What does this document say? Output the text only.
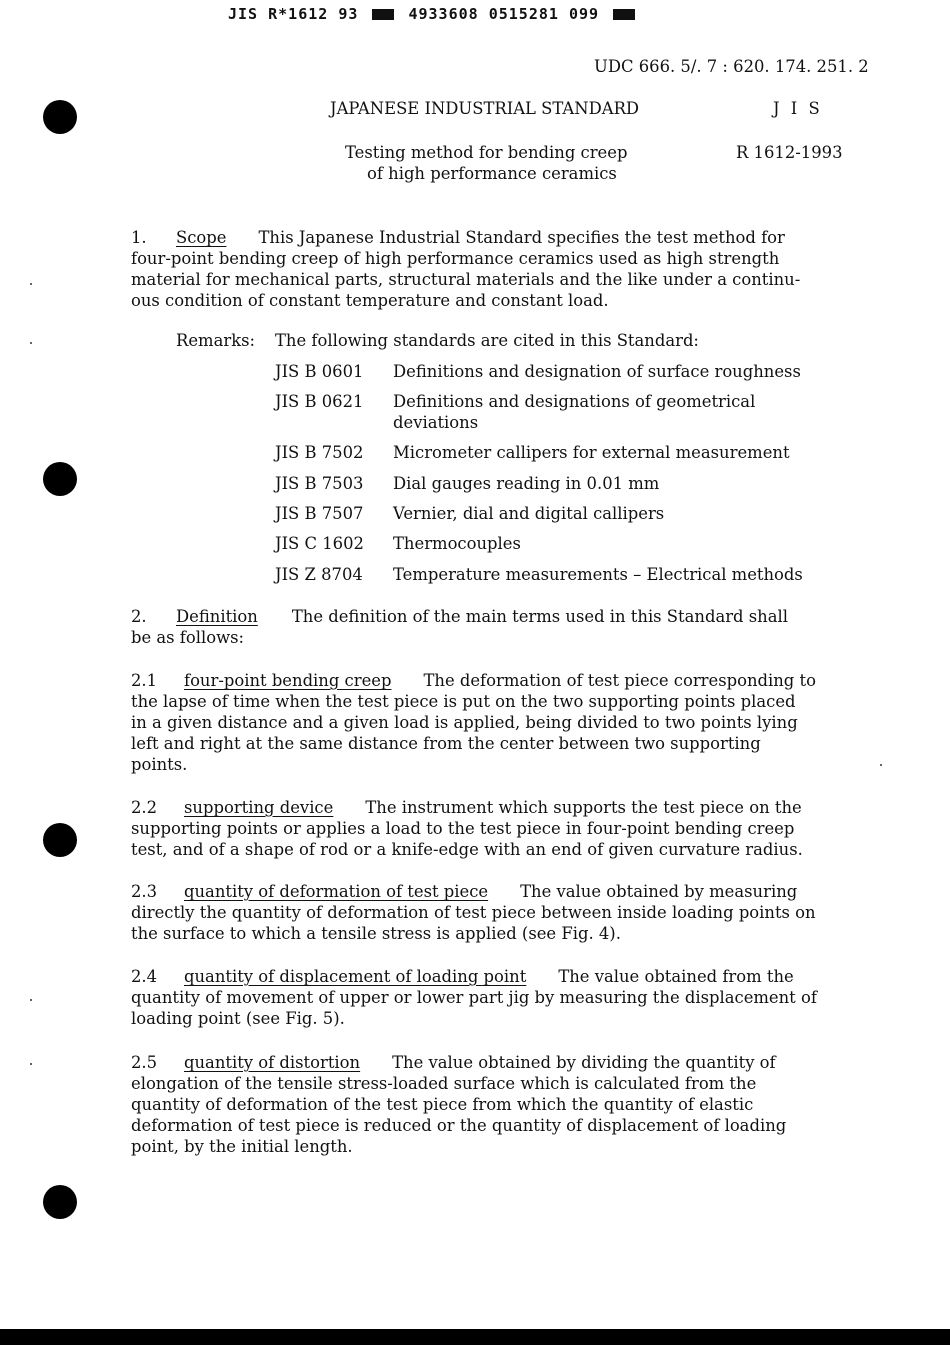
JIS R*1612 93	4933608 0515281 099
UDC 666. 5/. 7 : 620. 174. 251. 2
JAPANESE INDUSTRIAL STANDARD	J I S
Testing method for bending creep
of high performance ceramics
R 1612-1993
1. Scope This Japanese Industrial Standard specifies the test method for
four-point bending creep of high performance ceramics used as high strength
material for mechanical parts, structural materials and the like under a continu-
ous condition of constant temperature and constant load.
Remarks: The following standards are cited in this Standard:
JIS B 0601 Definitions and designation of surface roughness
JIS B 0621 Definitions and designations of geometrical deviations
JIS B 7502 Micrometer callipers for external measurement
JIS B 7503 Dial gauges reading in 0.01 mm
JIS B 7507 Vernier, dial and digital callipers
JIS C 1602 Thermocouples
JIS Z 8704 Temperature measurements – Electrical methods
2. Definition The definition of the main terms used in this Standard shall
be as follows:
2.1 four-point bending creep The deformation of test piece corresponding to
the lapse of time when the test piece is put on the two supporting points placed
in a given distance and a given load is applied, being divided to two points lying
left and right at the same distance from the center between two supporting
points.
2.2 supporting device The instrument which supports the test piece on the
supporting points or applies a load to the test piece in four-point bending creep
test, and of a shape of rod or a knife-edge with an end of given curvature radius.
2.3 quantity of deformation of test piece The value obtained by measuring
directly the quantity of deformation of test piece between inside loading points on
the surface to which a tensile stress is applied (see Fig. 4).
2.4 quantity of displacement of loading point The value obtained from the
quantity of movement of upper or lower part jig by measuring the displacement of
loading point (see Fig. 5).
2.5 quantity of distortion The value obtained by dividing the quantity of
elongation of the tensile stress-loaded surface which is calculated from the
quantity of deformation of the test piece from which the quantity of elastic
deformation of test piece is reduced or the quantity of displacement of loading
point, by the initial length.
